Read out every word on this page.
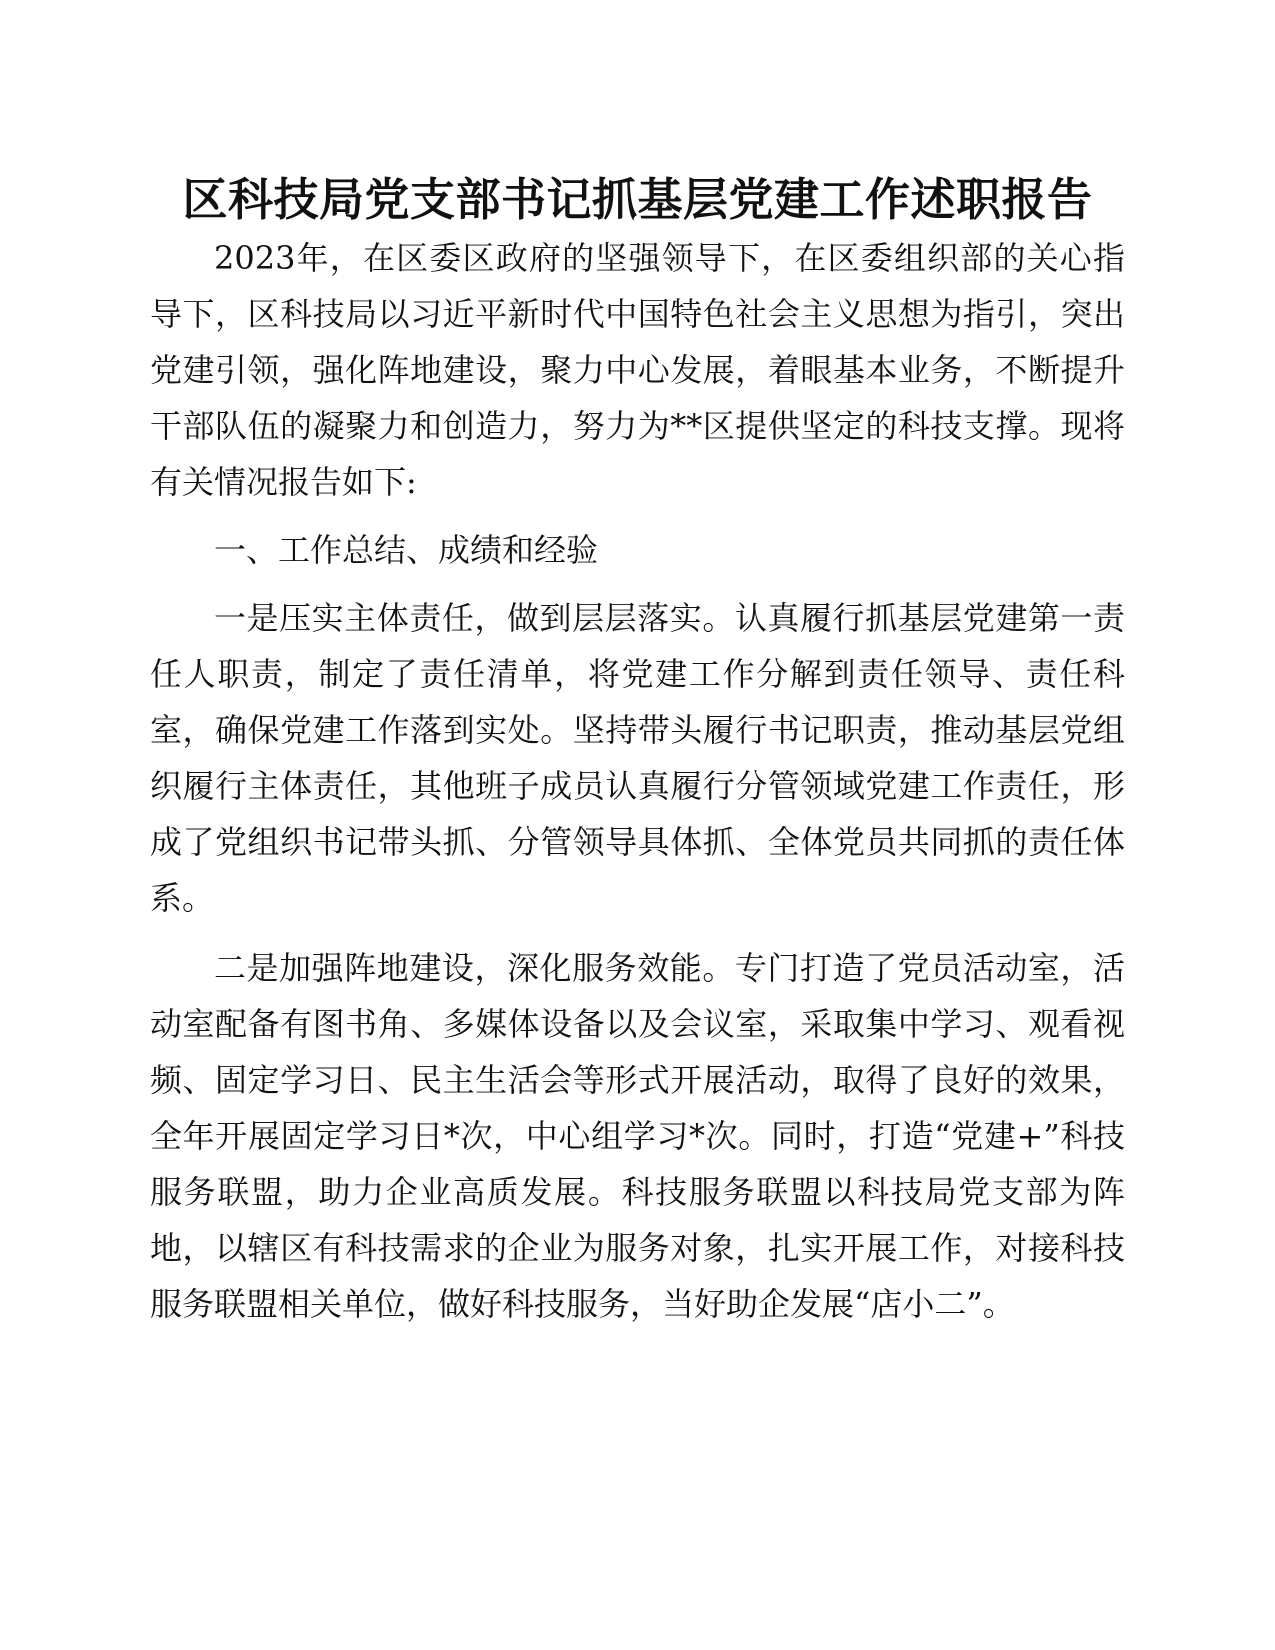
区科技局党支部书记抓基层党建工作述职报告

2023年，在区委区政府的坚强领导下，在区委组织部的关心指导下，区科技局以习近平新时代中国特色社会主义思想为指引，突出党建引领，强化阵地建设，聚力中心发展，着眼基本业务，不断提升干部队伍的凝聚力和创造力，努力为**区提供坚定的科技支撑。现将有关情况报告如下:

一、工作总结、成绩和经验

一是压实主体责任，做到层层落实。认真履行抓基层党建第一责任人职责，制定了责任清单，将党建工作分解到责任领导、责任科室，确保党建工作落到实处。坚持带头履行书记职责，推动基层党组织履行主体责任，其他班子成员认真履行分管领域党建工作责任，形成了党组织书记带头抓、分管领导具体抓、全体党员共同抓的责任体系。

二是加强阵地建设，深化服务效能。专门打造了党员活动室，活动室配备有图书角、多媒体设备以及会议室，采取集中学习、观看视频、固定学习日、民主生活会等形式开展活动，取得了良好的效果，全年开展固定学习日*次，中心组学习*次。同时，打造“党建+”科技服务联盟，助力企业高质发展。科技服务联盟以科技局党支部为阵地，以辖区有科技需求的企业为服务对象，扎实开展工作，对接科技服务联盟相关单位，做好科技服务，当好助企发展“店小二”。
